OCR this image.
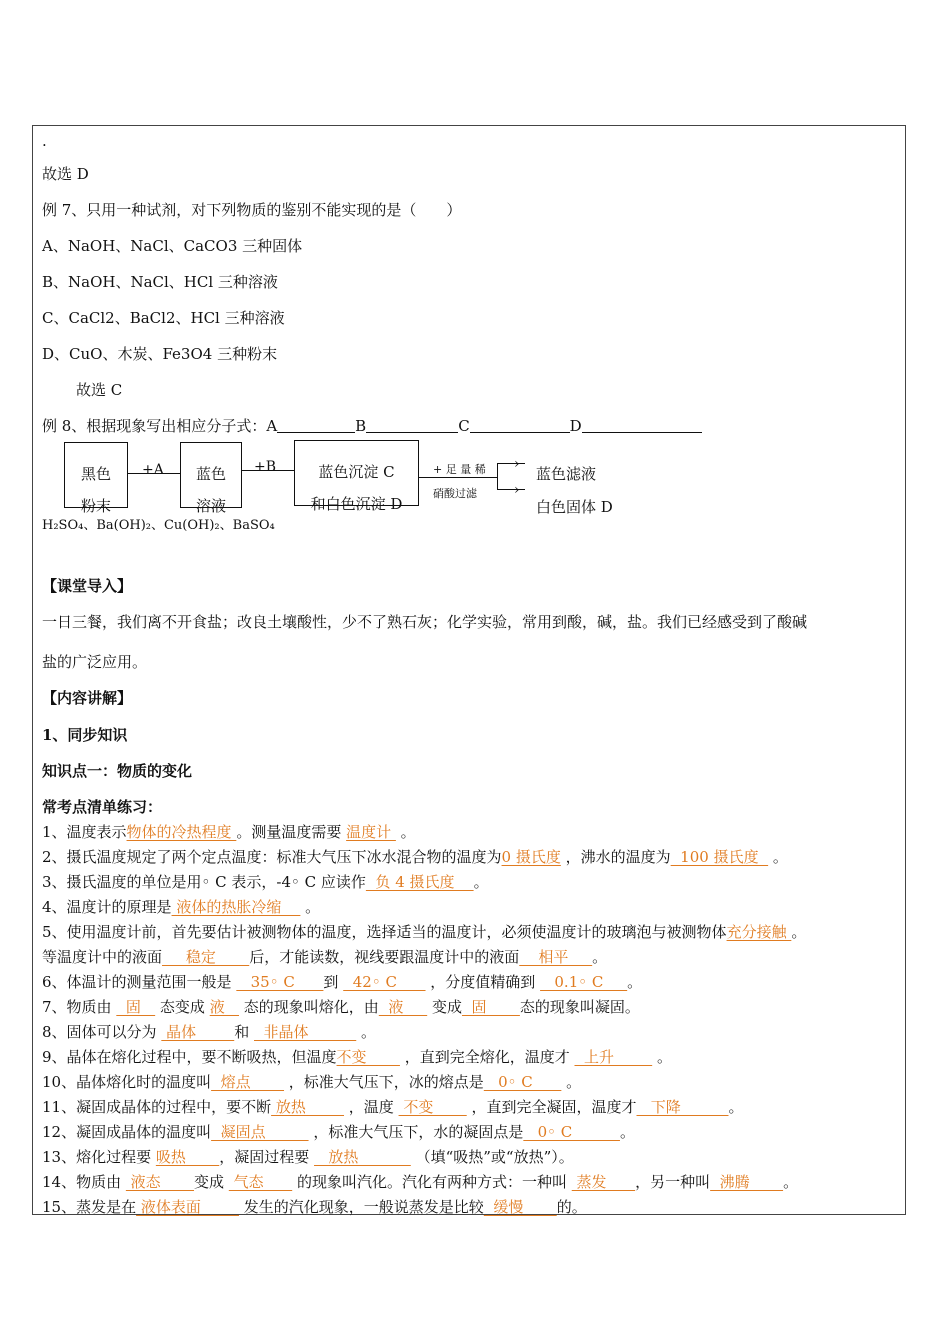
.
故选 D
例 7、只用一种试剂，对下列物质的鉴别不能实现的是（　　）
A、NaOH、NaCl、CaCO3 三种固体
B、NaOH、NaCl、HCl 三种溶液
C、CaCl2、BaCl2、HCl 三种溶液
D、CuO、木炭、Fe3O4 三种粉末
故选 C
例 8、根据现象写出相应分子式：A	B	C	D
黑色
粉末
+A	蓝色
溶液
+B	蓝色沉淀 C
和白色沉淀 D
+ 足 量 稀
硝酸过滤
›
›
蓝色滤液
白色固体 D
H₂SO₄、Ba(OH)₂、Cu(OH)₂、BaSO₄
【课堂导入】
一日三餐，我们离不开食盐；改良土壤酸性，少不了熟石灰；化学实验，常用到酸，碱，盐。我们已经感受到了酸碱
盐的广泛应用。
【内容讲解】
1、同步知识
知识点一：物质的变化
常考点清单练习：
1、温度表示物体的冷热程度 。测量温度需要 温度计  。
2、摄氏温度规定了两个定点温度：标准大气压下冰水混合物的温度为0 摄氏度 ，沸水的温度为  100 摄氏度   。
3、摄氏温度的单位是用◦ C 表示，-4◦ C 应读作  负 4 摄氏度    。
4、温度计的原理是 液体的热胀冷缩     。
5、使用温度计前，首先要估计被测物体的温度，选择适当的温度计，必须使温度计的玻璃泡与被测物体充分接触 。
等温度计中的液面     稳定       后，才能读数，视线要跟温度计中的液面    相平     。
6、体温计的测量范围一般是    35◦ C      到   42◦ C       ，分度值精确到    0.1◦ C     。
7、物质由   固    态变成 液    态的现象叫熔化，由  液      变成  固       态的现象叫凝固。
8、固体可以分为  晶体        和   非晶体           。
9、晶体在熔化过程中，要不断吸热，但温度不变        ，直到完全熔化，温度才   上升         。
10、晶体熔化时的温度叫  熔点        ，标准大气压下，冰的熔点是   0◦ C       。
11、凝固成晶体的过程中，要不断 放热         ，温度  不变        ，直到完全凝固，温度才   下降          。
12、凝固成晶体的温度叫  凝固点          ，标准大气压下，水的凝固点是   0◦ C          。
13、熔化过程要 吸热       ，凝固过程要    放热            （填“吸热”或“放热”）。
14、物质由  液态       变成  气态       的现象叫汽化。汽化有两种方式：一种叫  蒸发      ，另一种叫  沸腾       。
15、蒸发是在 液体表面         发生的汽化现象，一般说蒸发是比较  缓慢       的。
